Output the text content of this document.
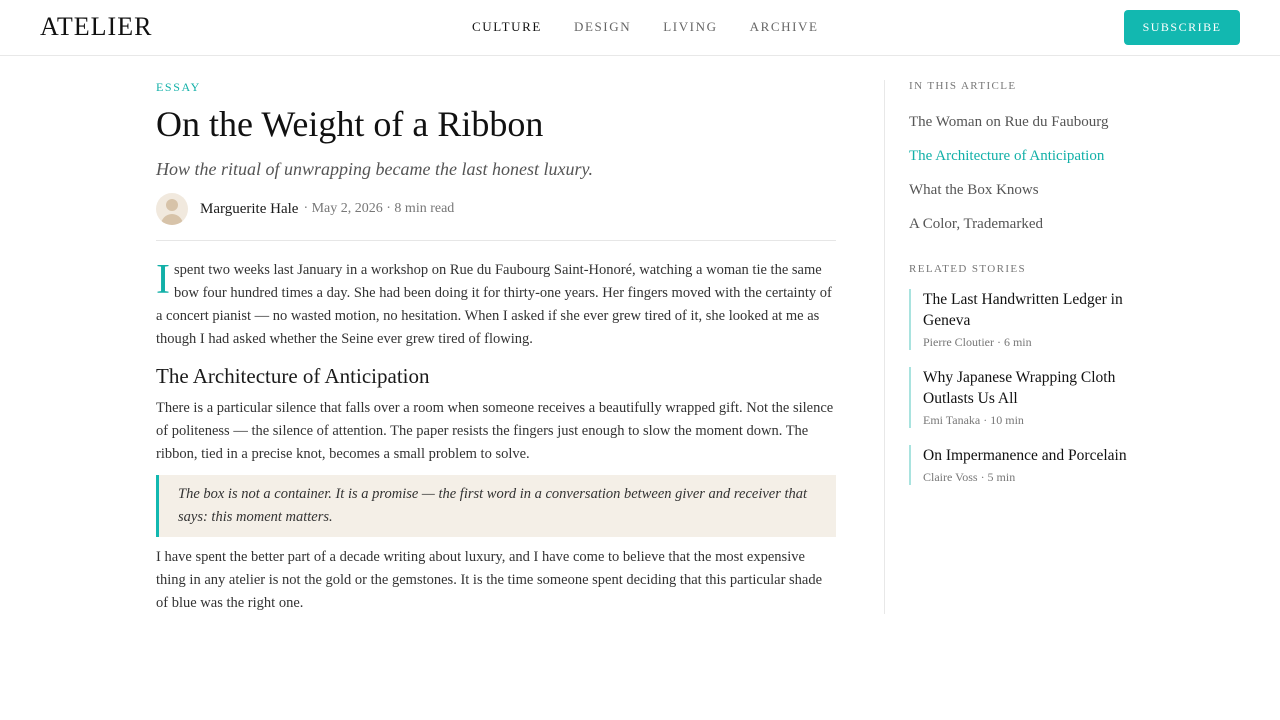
ATELIER	CULTURE DESIGN LIVING ARCHIVE	SUBSCRIBE
ESSAY
On the Weight of a Ribbon
How the ritual of unwrapping became the last honest luxury.
Marguerite Hale · May 2, 2026 · 8 min read

Ispent two weeks last January in a workshop on Rue du Faubourg Saint-Honoré, watching a woman tie the same bow four hundred times a day. She had been doing it for thirty-one years. Her fingers moved with the certainty of a concert pianist — no wasted motion, no hesitation. When I asked if she ever grew tired of it, she looked at me as though I had asked whether the Seine ever grew tired of flowing.

The Architecture of Anticipation

There is a particular silence that falls over a room when someone receives a beautifully wrapped gift. Not the silence of politeness — the silence of attention. The paper resists the fingers just enough to slow the moment down. The ribbon, tied in a precise knot, becomes a small problem to solve.

The box is not a container. It is a promise — the first word in a conversation between giver and receiver that says: this moment matters.

I have spent the better part of a decade writing about luxury, and I have come to believe that the most expensive thing in any atelier is not the gold or the gemstones. It is the time someone spent deciding that this particular shade of blue was the right one.

IN THIS ARTICLE
The Woman on Rue du Faubourg
The Architecture of Anticipation
What the Box Knows
A Color, Trademarked
RELATED STORIES
The Last Handwritten Ledger in Geneva
Pierre Cloutier · 6 min
Why Japanese Wrapping Cloth Outlasts Us All
Emi Tanaka · 10 min
On Impermanence and Porcelain
Claire Voss · 5 min
